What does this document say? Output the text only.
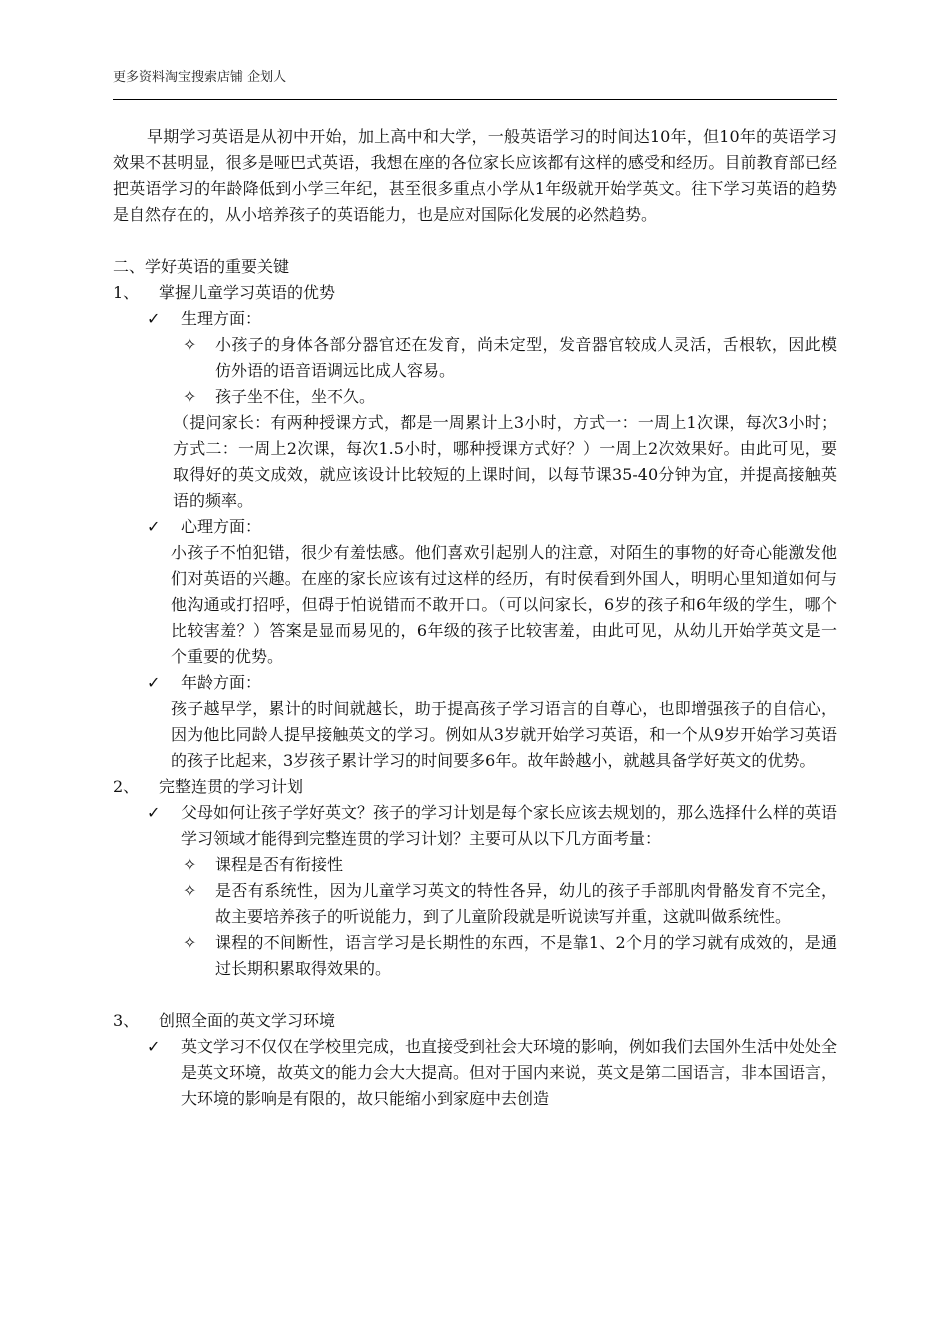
更多资料淘宝搜索店铺 企划人

早期学习英语是从初中开始，加上高中和大学，一般英语学习的时间达10年，但10年的英语学习效果不甚明显，很多是哑巴式英语，我想在座的各位家长应该都有这样的感受和经历。目前教育部已经把英语学习的年龄降低到小学三年纪，甚至很多重点小学从1年级就开始学英文。往下学习英语的趋势是自然存在的，从小培养孩子的英语能力，也是应对国际化发展的必然趋势。

二、学好英语的重要关键
1、 掌握儿童学习英语的优势
✓ 生理方面：
✧ 小孩子的身体各部分器官还在发育，尚未定型，发音器官较成人灵活，舌根软，因此模仿外语的语音语调远比成人容易。
✧ 孩子坐不住，坐不久。
（提问家长：有两种授课方式，都是一周累计上3小时，方式一：一周上1次课，每次3小时；方式二：一周上2次课，每次1.5小时，哪种授课方式好？）一周上2次效果好。由此可见，要取得好的英文成效，就应该设计比较短的上课时间，以每节课35-40分钟为宜，并提高接触英语的频率。
✓ 心理方面：
小孩子不怕犯错，很少有羞怯感。他们喜欢引起别人的注意，对陌生的事物的好奇心能激发他们对英语的兴趣。在座的家长应该有过这样的经历，有时侯看到外国人，明明心里知道如何与他沟通或打招呼，但碍于怕说错而不敢开口。（可以问家长，6岁的孩子和6年级的学生，哪个比较害羞？）答案是显而易见的，6年级的孩子比较害羞，由此可见，从幼儿开始学英文是一个重要的优势。
✓ 年龄方面：
孩子越早学，累计的时间就越长，助于提高孩子学习语言的自尊心，也即增强孩子的自信心，因为他比同龄人提早接触英文的学习。例如从3岁就开始学习英语，和一个从9岁开始学习英语的孩子比起来，3岁孩子累计学习的时间要多6年。故年龄越小，就越具备学好英文的优势。
2、 完整连贯的学习计划
✓ 父母如何让孩子学好英文？孩子的学习计划是每个家长应该去规划的，那么选择什么样的英语学习领域才能得到完整连贯的学习计划？主要可从以下几方面考量：
✧ 课程是否有衔接性
✧ 是否有系统性，因为儿童学习英文的特性各异，幼儿的孩子手部肌肉骨骼发育不完全，故主要培养孩子的听说能力，到了儿童阶段就是听说读写并重，这就叫做系统性。
✧ 课程的不间断性，语言学习是长期性的东西，不是靠1、2个月的学习就有成效的，是通过长期积累取得效果的。
3、 创照全面的英文学习环境
✓ 英文学习不仅仅在学校里完成，也直接受到社会大环境的影响，例如我们去国外生活中处处全是英文环境，故英文的能力会大大提高。但对于国内来说，英文是第二国语言，非本国语言，大环境的影响是有限的，故只能缩小到家庭中去创造
